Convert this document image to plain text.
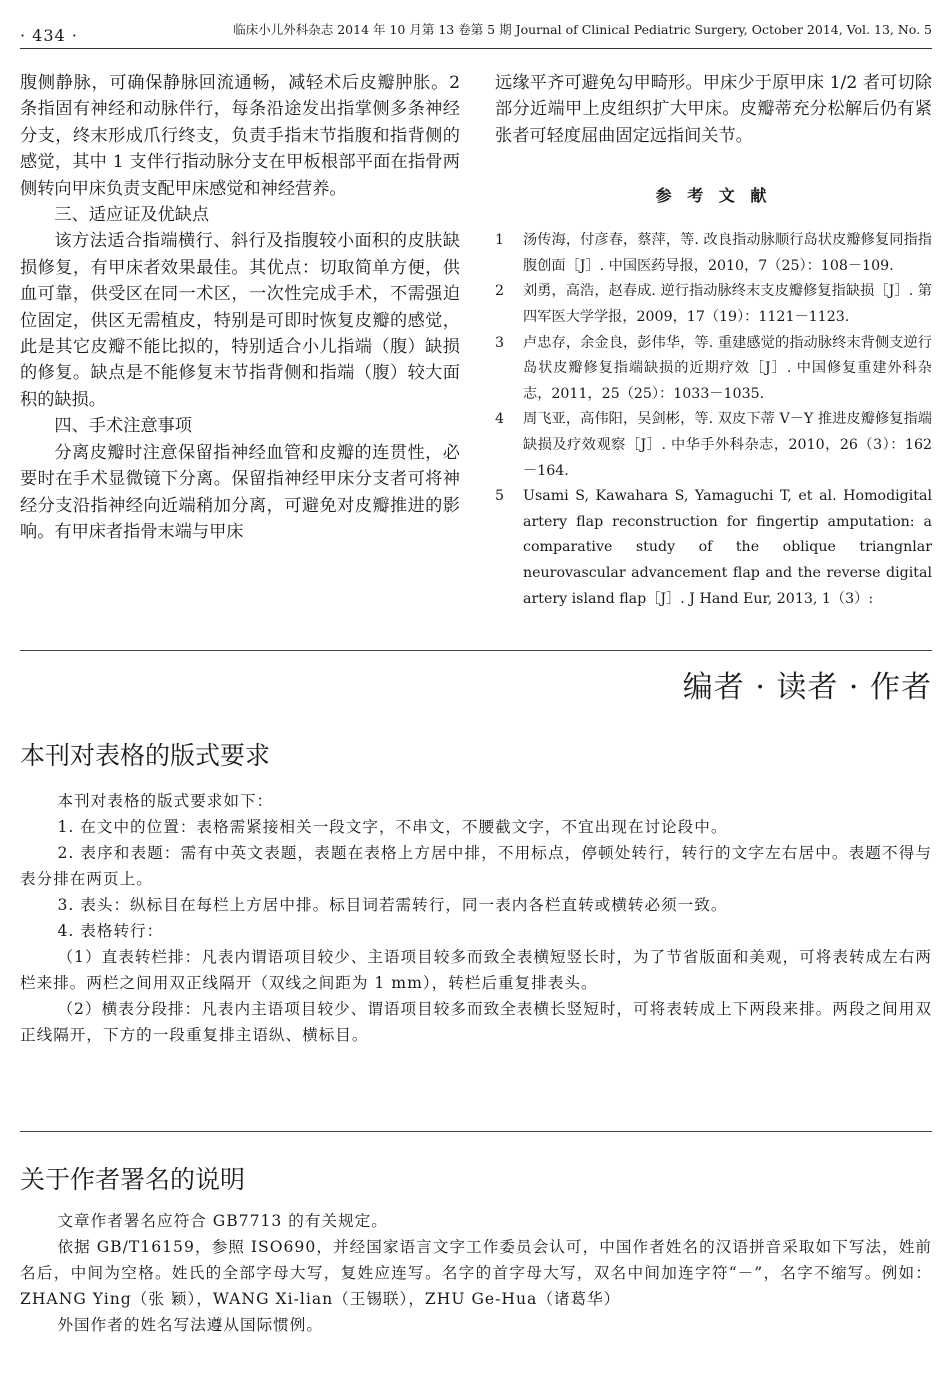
· 434 ·	临床小儿外科杂志 2014 年 10 月第 13 卷第 5 期 Journal of Clinical Pediatric Surgery, October 2014, Vol. 13, No. 5

腹侧静脉，可确保静脉回流通畅，减轻术后皮瓣肿胀。2 条指固有神经和动脉伴行，每条沿途发出指掌侧多条神经分支，终末形成爪行终支，负责手指末节指腹和指背侧的感觉，其中 1 支伴行指动脉分支在甲板根部平面在指骨两侧转向甲床负责支配甲床感觉和神经营养。

三、适应证及优缺点

该方法适合指端横行、斜行及指腹较小面积的皮肤缺损修复，有甲床者效果最佳。其优点：切取简单方便，供血可靠，供受区在同一术区，一次性完成手术，不需强迫位固定，供区无需植皮，特别是可即时恢复皮瓣的感觉，此是其它皮瓣不能比拟的，特别适合小儿指端（腹）缺损的修复。缺点是不能修复末节指背侧和指端（腹）较大面积的缺损。

四、手术注意事项

分离皮瓣时注意保留指神经血管和皮瓣的连贯性，必要时在手术显微镜下分离。保留指神经甲床分支者可将神经分支沿指神经向近端稍加分离，可避免对皮瓣推进的影响。有甲床者指骨末端与甲床

远缘平齐可避免勾甲畸形。甲床少于原甲床 1/2 者可切除部分近端甲上皮组织扩大甲床。皮瓣蒂充分松解后仍有紧张者可轻度屈曲固定远指间关节。

参 考 文 献
1 汤传海，付彦春，蔡萍，等. 改良指动脉顺行岛状皮瓣修复同指指腹创面［J］. 中国医药导报，2010，7（25）：108－109.
2 刘勇，高浩，赵春成. 逆行指动脉终末支皮瓣修复指缺损［J］. 第四军医大学学报，2009，17（19）：1121－1123.
3 卢忠存，余金良，彭伟华，等. 重建感觉的指动脉终末背侧支逆行岛状皮瓣修复指端缺损的近期疗效［J］. 中国修复重建外科杂志，2011，25（25）：1033－1035.
4 周飞亚，高伟阳，吴剑彬，等. 双皮下蒂 V－Y 推进皮瓣修复指端缺损及疗效观察［J］. 中华手外科杂志，2010，26（3）：162－164.
5 Usami S, Kawahara S, Yamaguchi T, et al. Homodigital artery flap reconstruction for fingertip amputation: a comparative study of the oblique triangnlar neurovascular advancement flap and the reverse digital artery island flap［J］. J Hand Eur, 2013, 1（3）:
编者 · 读者 · 作者
本刊对表格的版式要求

本刊对表格的版式要求如下：

1. 在文中的位置：表格需紧接相关一段文字，不串文，不腰截文字，不宜出现在讨论段中。

2. 表序和表题：需有中英文表题，表题在表格上方居中排，不用标点，停顿处转行，转行的文字左右居中。表题不得与表分排在两页上。

3. 表头：纵标目在每栏上方居中排。标目词若需转行，同一表内各栏直转或横转必须一致。

4. 表格转行：

（1）直表转栏排：凡表内谓语项目较少、主语项目较多而致全表横短竖长时，为了节省版面和美观，可将表转成左右两栏来排。两栏之间用双正线隔开（双线之间距为 1 mm），转栏后重复排表头。

（2）横表分段排：凡表内主语项目较少、谓语项目较多而致全表横长竖短时，可将表转成上下两段来排。两段之间用双正线隔开，下方的一段重复排主语纵、横标目。

关于作者署名的说明

文章作者署名应符合 GB7713 的有关规定。

依据 GB/T16159，参照 ISO690，并经国家语言文字工作委员会认可，中国作者姓名的汉语拼音采取如下写法，姓前名后，中间为空格。姓氏的全部字母大写，复姓应连写。名字的首字母大写，双名中间加连字符“－”，名字不缩写。例如：ZHANG Ying（张 颖），WANG Xi-lian（王锡联），ZHU Ge-Hua（诸葛华）

外国作者的姓名写法遵从国际惯例。
